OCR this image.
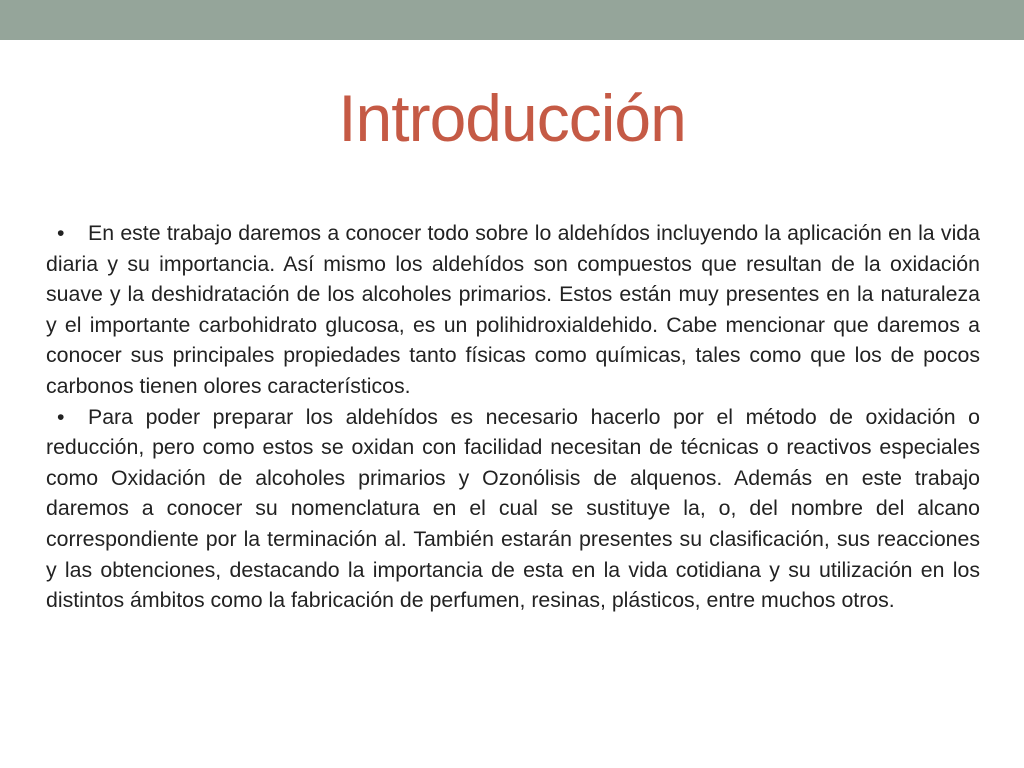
Introducción
• En este trabajo daremos a conocer todo sobre lo aldehídos incluyendo la aplicación en la vida diaria y su importancia. Así mismo los aldehídos son compuestos que resultan de la oxidación suave y la deshidratación de los alcoholes primarios. Estos están muy presentes en la naturaleza y el importante carbohidrato glucosa, es un polihidroxialdehido. Cabe mencionar que daremos a conocer sus principales propiedades tanto físicas como químicas, tales como que los de pocos carbonos tienen olores característicos.
• Para poder preparar los aldehídos es necesario hacerlo por el método de oxidación o reducción, pero como estos se oxidan con facilidad necesitan de técnicas o reactivos especiales como Oxidación de alcoholes primarios y Ozonólisis de alquenos. Además en este trabajo daremos a conocer su nomenclatura en el cual se sustituye la, o, del nombre del alcano correspondiente por la terminación al. También estarán presentes su clasificación, sus reacciones y las obtenciones, destacando la importancia de esta en la vida cotidiana y su utilización en los distintos ámbitos como la fabricación de perfumen, resinas, plásticos, entre muchos otros.
